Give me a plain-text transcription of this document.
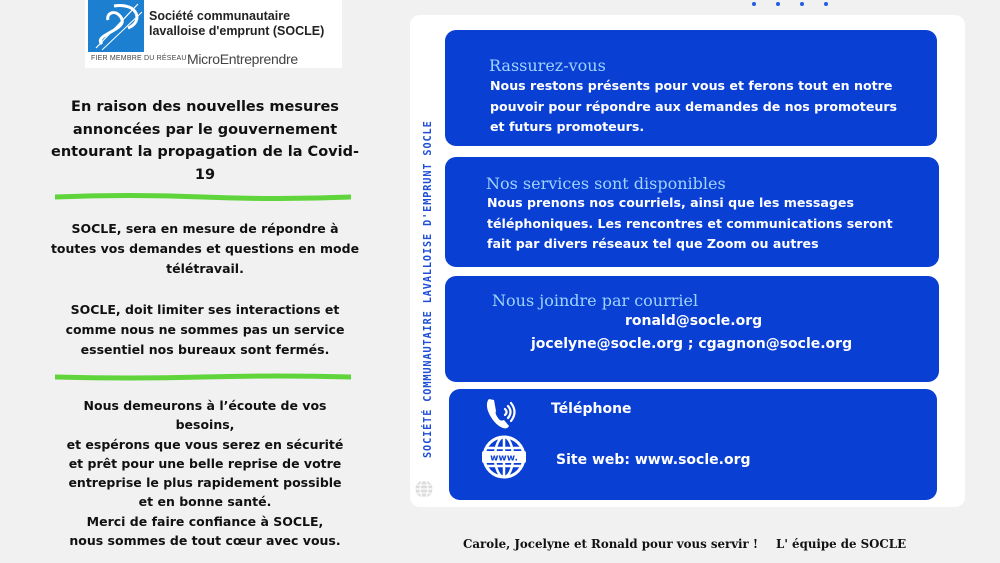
Société communautaire
lavalloise d'emprunt (SOCLE)
FIER MEMBRE DU RÉSEAU MicroEntreprendre
En raison des nouvelles mesures annoncées par le gouvernement entourant la propagation de la Covid-19
SOCLE, sera en mesure de répondre à toutes vos demandes et questions en mode télétravail.
SOCLE, doit limiter ses interactions et comme nous ne sommes pas un service essentiel nos bureaux sont fermés.
Nous demeurons à l’écoute de vos
besoins,
et espérons que vous serez en sécurité
et prêt pour une belle reprise de votre
entreprise le plus rapidement possible
et en bonne santé.
Merci de faire confiance à SOCLE,
nous sommes de tout cœur avec vous.
SOCIÉTÉ COMMUNAUTAIRE LAVALLOISE D'EMPRUNT SOCLE
Rassurez-vous
Nous restons présents pour vous et ferons tout en notre
pouvoir pour répondre aux demandes de nos promoteurs
et futurs promoteurs.
Nos services sont disponibles
Nous prenons nos courriels, ainsi que les messages
téléphoniques. Les rencontres et communications seront
fait par divers réseaux tel que Zoom ou autres
Nous joindre par courriel
ronald@socle.org
jocelyne@socle.org ; cgagnon@socle.org
Téléphone
www.	Site web: www.socle.org
Carole, Jocelyne et Ronald pour vous servir ! L' équipe de SOCLE
